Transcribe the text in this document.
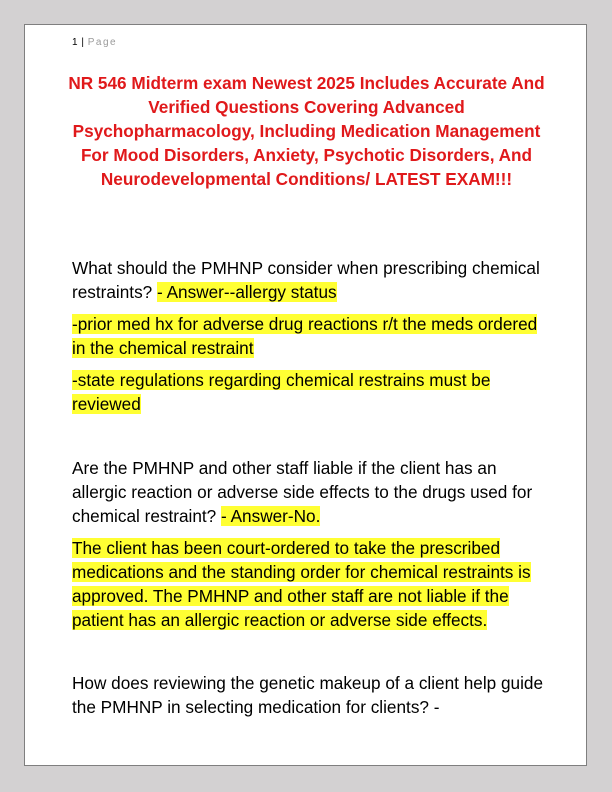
1 | Page
NR 546 Midterm exam Newest 2025 Includes Accurate And Verified Questions Covering Advanced Psychopharmacology, Including Medication Management For Mood Disorders, Anxiety, Psychotic Disorders, And Neurodevelopmental Conditions/ LATEST EXAM!!!

What should the PMHNP consider when prescribing chemical restraints? - Answer--allergy status

-prior med hx for adverse drug reactions r/t the meds ordered in the chemical restraint

-state regulations regarding chemical restrains must be reviewed

Are the PMHNP and other staff liable if the client has an allergic reaction or adverse side effects to the drugs used for chemical restraint? - Answer-No.

The client has been court-ordered to take the prescribed medications and the standing order for chemical restraints is approved. The PMHNP and other staff are not liable if the patient has an allergic reaction or adverse side effects.

How does reviewing the genetic makeup of a client help guide the PMHNP in selecting medication for clients? -
